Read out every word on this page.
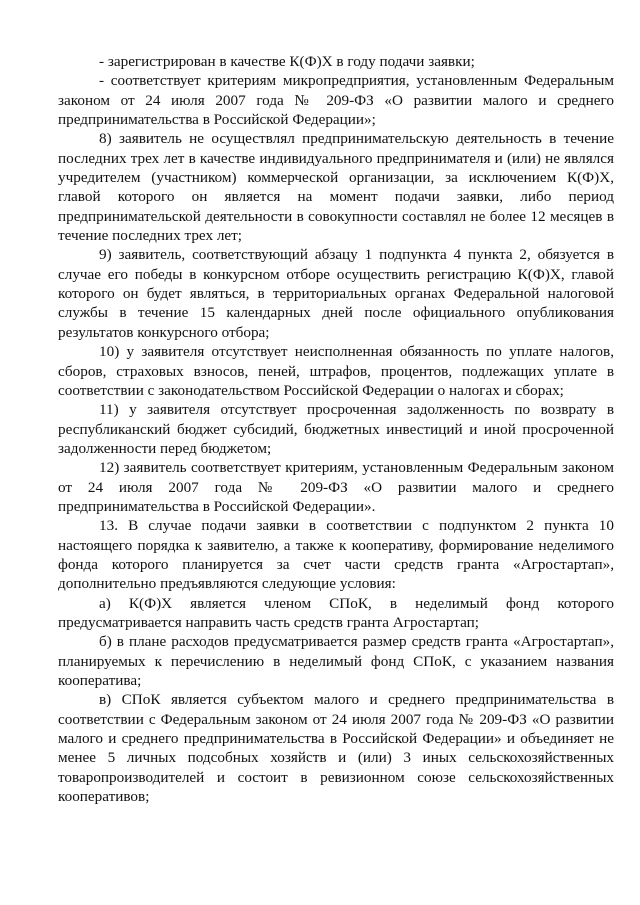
- зарегистрирован в качестве К(Ф)Х в году подачи заявки;

- соответствует критериям микропредприятия, установленным Федеральным законом от 24 июля 2007 года № 209-ФЗ «О развитии малого и среднего предпринимательства в Российской Федерации»;

8) заявитель не осуществлял предпринимательскую деятельность в течение последних трех лет в качестве индивидуального предпринимателя и (или) не являлся учредителем (участником) коммерческой организации, за исключением К(Ф)Х, главой которого он является на момент подачи заявки, либо период предпринимательской деятельности в совокупности составлял не более 12 месяцев в течение последних трех лет;

9) заявитель, соответствующий абзацу 1 подпункта 4 пункта 2, обязуется в случае его победы в конкурсном отборе осуществить регистрацию К(Ф)Х, главой которого он будет являться, в территориальных органах Федеральной налоговой службы в течение 15 календарных дней после официального опубликования результатов конкурсного отбора;

10) у заявителя отсутствует неисполненная обязанность по уплате налогов, сборов, страховых взносов, пеней, штрафов, процентов, подлежащих уплате в соответствии с законодательством Российской Федерации о налогах и сборах;

11) у заявителя отсутствует просроченная задолженность по возврату в республиканский бюджет субсидий, бюджетных инвестиций и иной просроченной задолженности перед бюджетом;

12) заявитель соответствует критериям, установленным Федеральным законом от 24 июля 2007 года № 209-ФЗ «О развитии малого и среднего предпринимательства в Российской Федерации».

13. В случае подачи заявки в соответствии с подпунктом 2 пункта 10 настоящего порядка к заявителю, а также к кооперативу, формирование неделимого фонда которого планируется за счет части средств гранта «Агростартап», дополнительно предъявляются следующие условия:

а) К(Ф)Х является членом СПоК, в неделимый фонд которого предусматривается направить часть средств гранта Агростартап;

б) в плане расходов предусматривается размер средств гранта «Агростартап», планируемых к перечислению в неделимый фонд СПоК, с указанием названия кооператива;

в) СПоК является субъектом малого и среднего предпринимательства в соответствии с Федеральным законом от 24 июля 2007 года № 209-ФЗ «О развитии малого и среднего предпринимательства в Российской Федерации» и объединяет не менее 5 личных подсобных хозяйств и (или) 3 иных сельскохозяйственных товаропроизводителей и состоит в ревизионном союзе сельскохозяйственных кооперативов;
